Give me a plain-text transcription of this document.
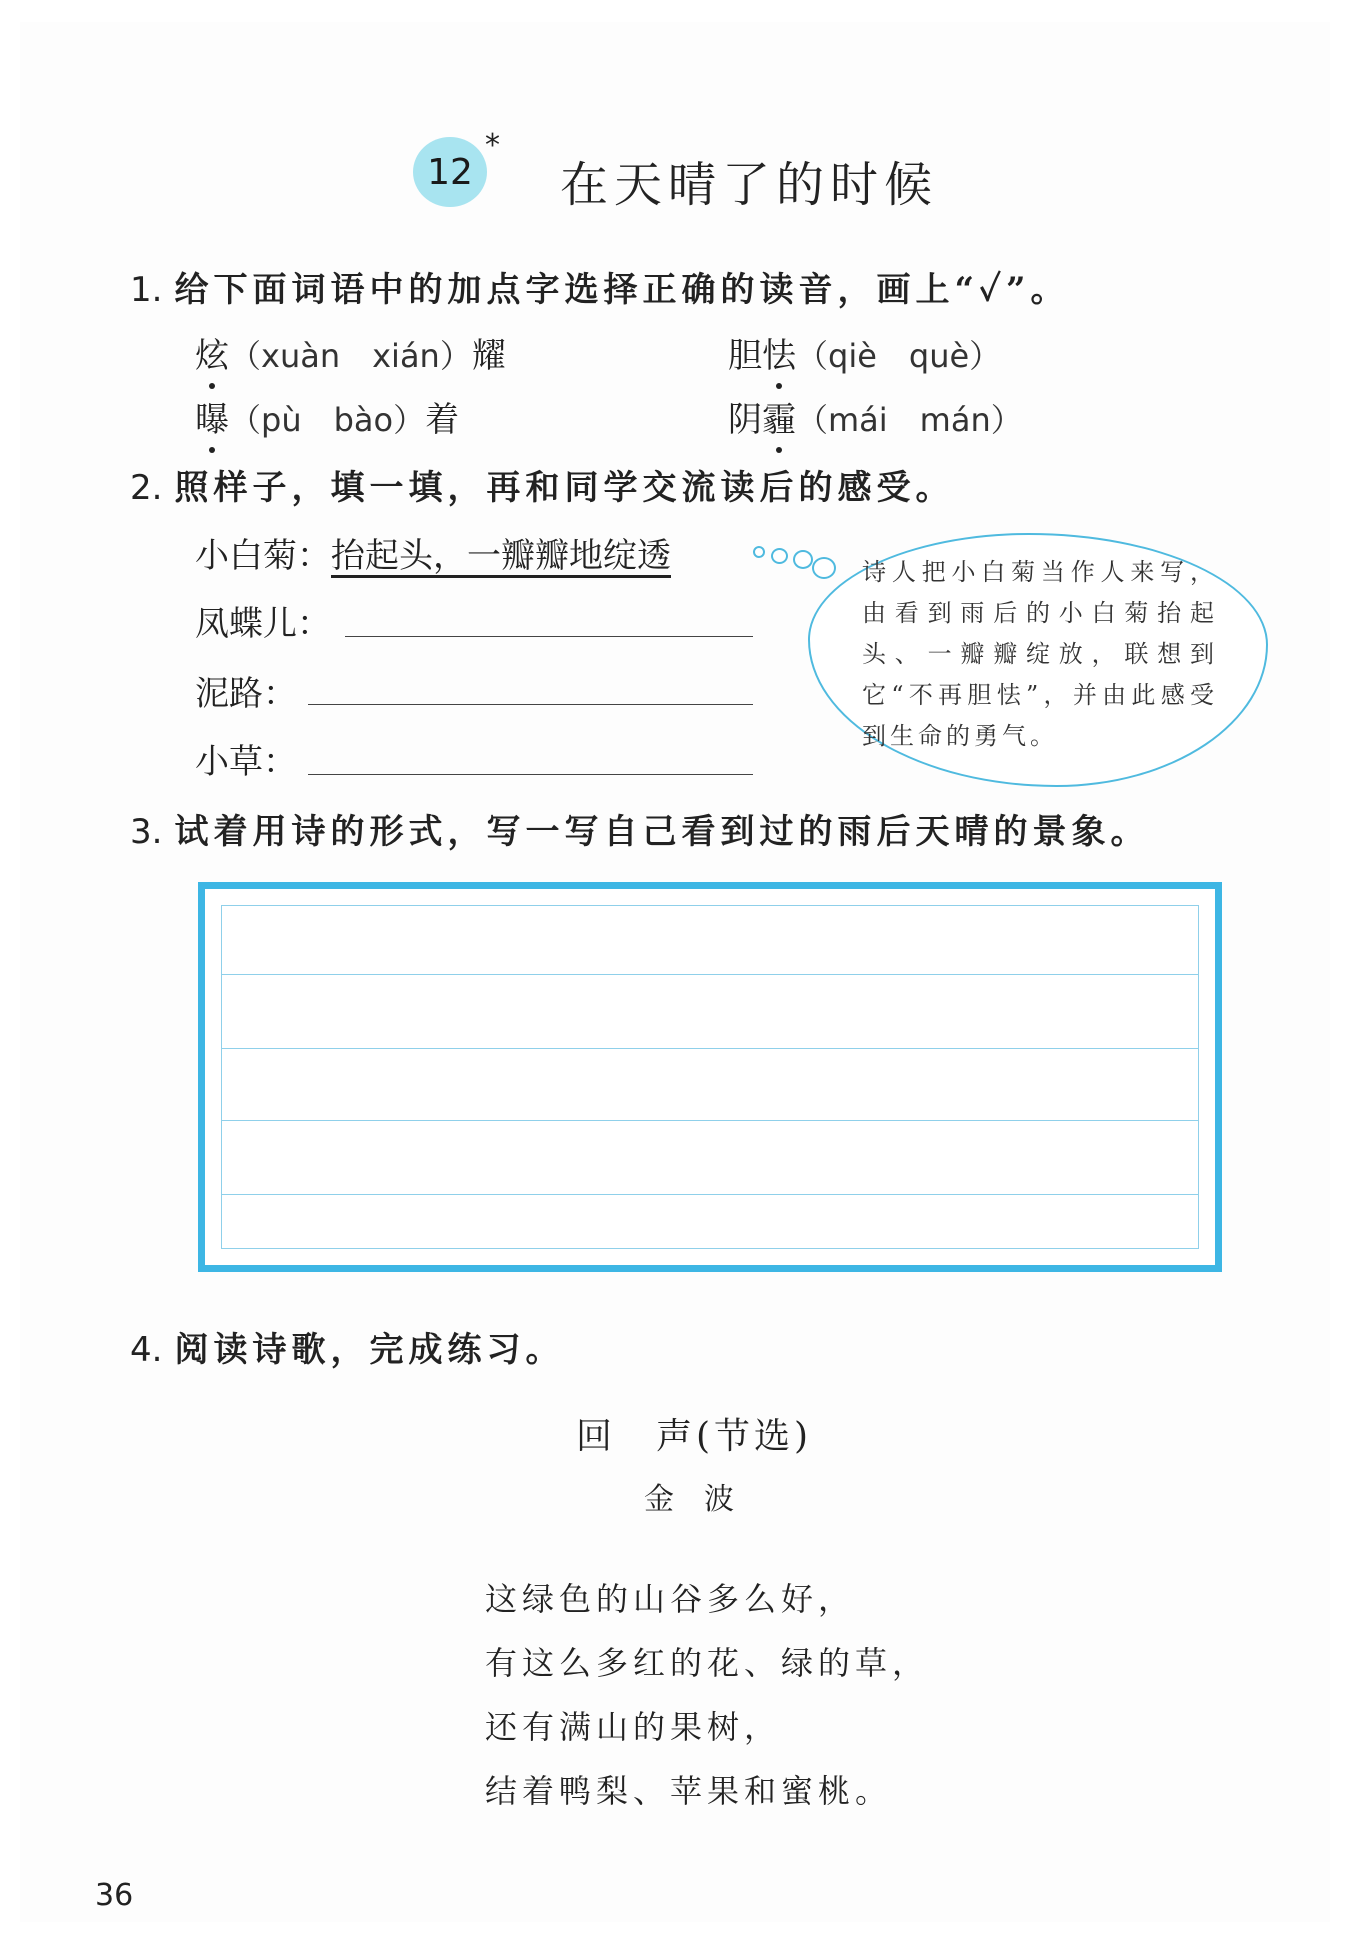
12
*
在天晴了的时候
1. 给下面词语中的加点字选择正确的读音，画上“✓”。
炫（xuàn　xián）耀	胆怯（qiè　què）
曝（pù　bào）着	阴霾（mái　mán）
2. 照样子，填一填，再和同学交流读后的感受。
小白菊：抬起头，一瓣瓣地绽透
凤蝶儿：
泥路：
小草：
诗人把小白菊当作人来写，由看到雨后的小白菊抬起头、一瓣瓣绽放，联想到它“不再胆怯”，并由此感受到生命的勇气。
3. 试着用诗的形式，写一写自己看到过的雨后天晴的景象。
4. 阅读诗歌，完成练习。
回　声(节选)
金　波
这绿色的山谷多么好，
有这么多红的花、绿的草，
还有满山的果树，
结着鸭梨、苹果和蜜桃。
36
